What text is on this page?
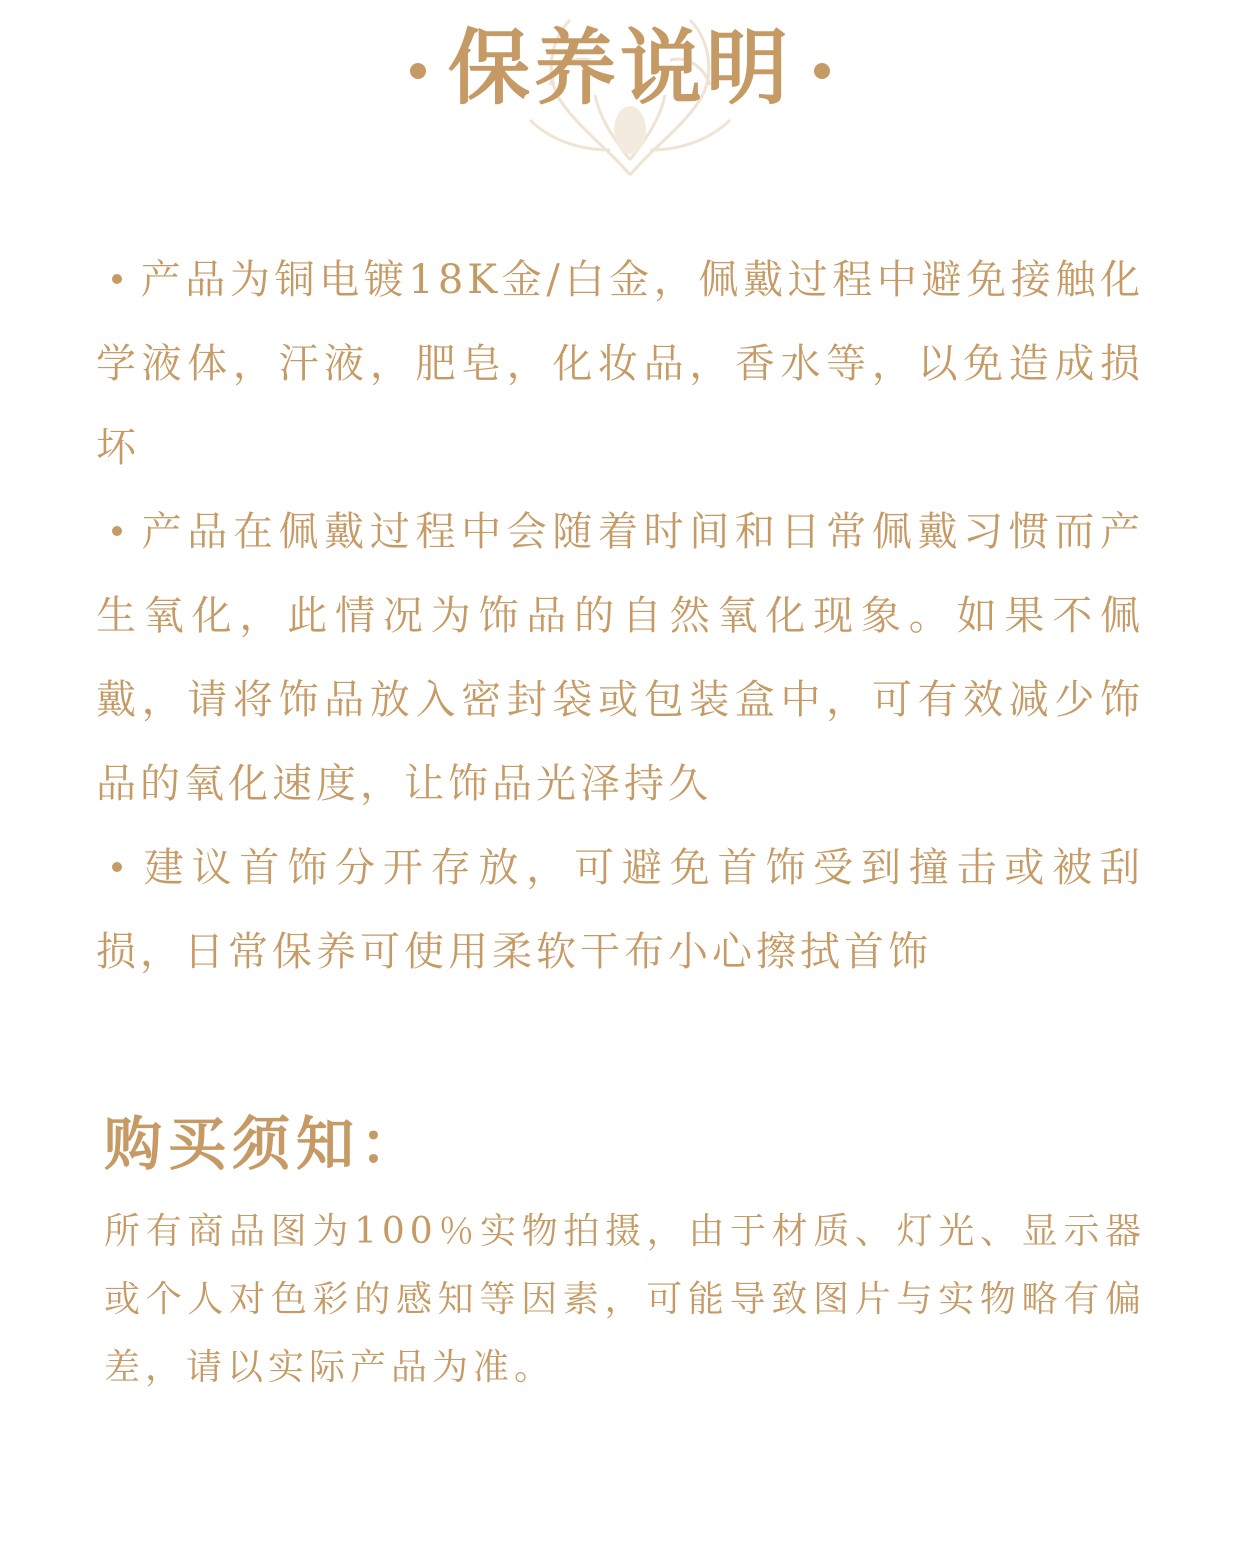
保养说明

产品为铜电镀18K金/白金，佩戴过程中避免接触化学液体，汗液，肥皂，化妆品，香水等，以免造成损坏

产品在佩戴过程中会随着时间和日常佩戴习惯而产生氧化，此情况为饰品的自然氧化现象。如果不佩戴，请将饰品放入密封袋或包装盒中，可有效减少饰品的氧化速度，让饰品光泽持久

建议首饰分开存放，可避免首饰受到撞击或被刮损，日常保养可使用柔软干布小心擦拭首饰

购买须知：

所有商品图为100％实物拍摄，由于材质、灯光、显示器或个人对色彩的感知等因素，可能导致图片与实物略有偏差，请以实际产品为准。
